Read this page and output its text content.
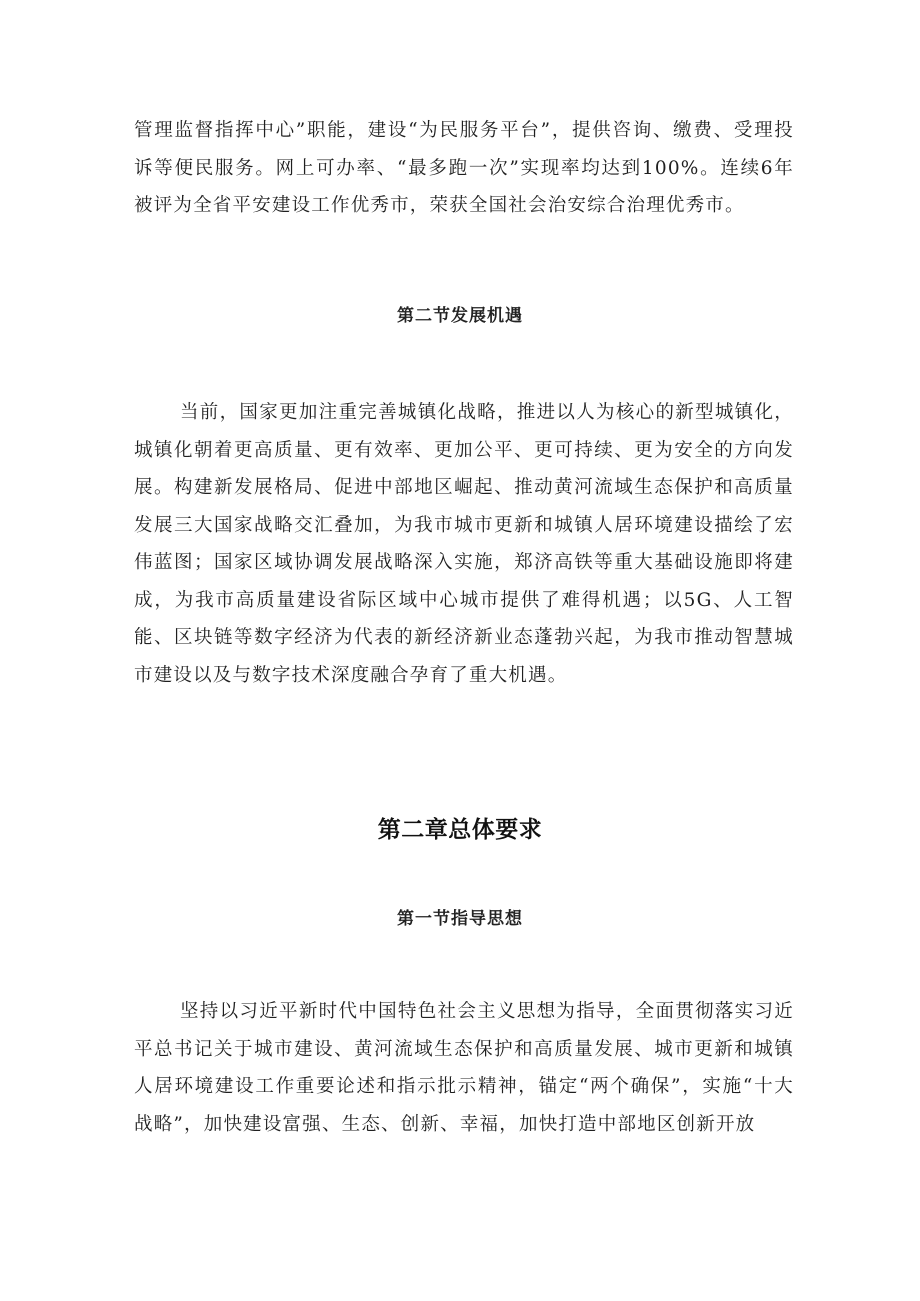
管理监督指挥中心”职能，建设“为民服务平台”，提供咨询、缴费、受理投诉等便民服务。网上可办率、“最多跑一次”实现率均达到100%。连续6年被评为全省平安建设工作优秀市，荣获全国社会治安综合治理优秀市。

第二节发展机遇

当前，国家更加注重完善城镇化战略，推进以人为核心的新型城镇化，城镇化朝着更高质量、更有效率、更加公平、更可持续、更为安全的方向发展。构建新发展格局、促进中部地区崛起、推动黄河流域生态保护和高质量发展三大国家战略交汇叠加，为我市城市更新和城镇人居环境建设描绘了宏伟蓝图；国家区域协调发展战略深入实施，郑济高铁等重大基础设施即将建成，为我市高质量建设省际区域中心城市提供了难得机遇；以5G、人工智能、区块链等数字经济为代表的新经济新业态蓬勃兴起，为我市推动智慧城市建设以及与数字技术深度融合孕育了重大机遇。

第二章总体要求
第一节指导思想

坚持以习近平新时代中国特色社会主义思想为指导，全面贯彻落实习近平总书记关于城市建设、黄河流域生态保护和高质量发展、城市更新和城镇人居环境建设工作重要论述和指示批示精神，锚定“两个确保”，实施“十大战略”，加快建设富强、生态、创新、幸福，加快打造中部地区创新开放
